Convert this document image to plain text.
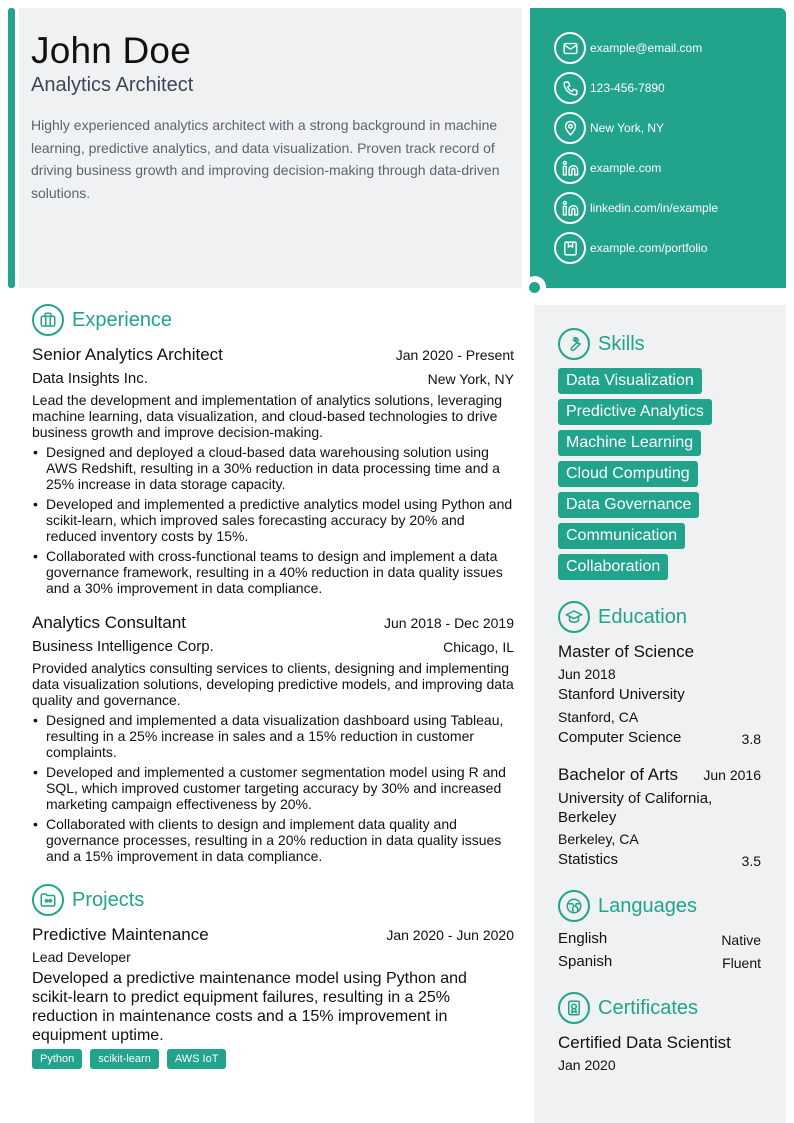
John Doe
Analytics Architect
Highly experienced analytics architect with a strong background in machine learning, predictive analytics, and data visualization. Proven track record of driving business growth and improving decision-making through data-driven solutions.
example@email.com
123-456-7890
New York, NY
example.com
linkedin.com/in/example
example.com/portfolio
Experience
Senior Analytics Architect	Jan 2020 - Present
Data Insights Inc.	New York, NY
Lead the development and implementation of analytics solutions, leveraging machine learning, data visualization, and cloud-based technologies to drive business growth and improve decision-making.
• Designed and deployed a cloud-based data warehousing solution using AWS Redshift, resulting in a 30% reduction in data processing time and a 25% increase in data storage capacity.
• Developed and implemented a predictive analytics model using Python and scikit-learn, which improved sales forecasting accuracy by 20% and reduced inventory costs by 15%.
• Collaborated with cross-functional teams to design and implement a data governance framework, resulting in a 40% reduction in data quality issues and a 30% improvement in data compliance.
Analytics Consultant	Jun 2018 - Dec 2019
Business Intelligence Corp.	Chicago, IL
Provided analytics consulting services to clients, designing and implementing data visualization solutions, developing predictive models, and improving data quality and governance.
• Designed and implemented a data visualization dashboard using Tableau, resulting in a 25% increase in sales and a 15% reduction in customer complaints.
• Developed and implemented a customer segmentation model using R and SQL, which improved customer targeting accuracy by 30% and increased marketing campaign effectiveness by 20%.
• Collaborated with clients to design and implement data quality and governance processes, resulting in a 20% reduction in data quality issues and a 15% improvement in data compliance.
Projects
Predictive Maintenance	Jan 2020 - Jun 2020
Lead Developer
Developed a predictive maintenance model using Python and scikit-learn to predict equipment failures, resulting in a 25% reduction in maintenance costs and a 15% improvement in equipment uptime.
Python	scikit-learn	AWS IoT
Skills
Data Visualization
Predictive Analytics
Machine Learning
Cloud Computing
Data Governance
Communication
Collaboration
Education
Master of Science
Jun 2018
Stanford University
Stanford, CA
Computer Science	3.8
Bachelor of Arts Jun 2016
University of California, Berkeley
Berkeley, CA
Statistics	3.5
Languages
English	Native
Spanish	Fluent
Certificates
Certified Data Scientist
Jan 2020
